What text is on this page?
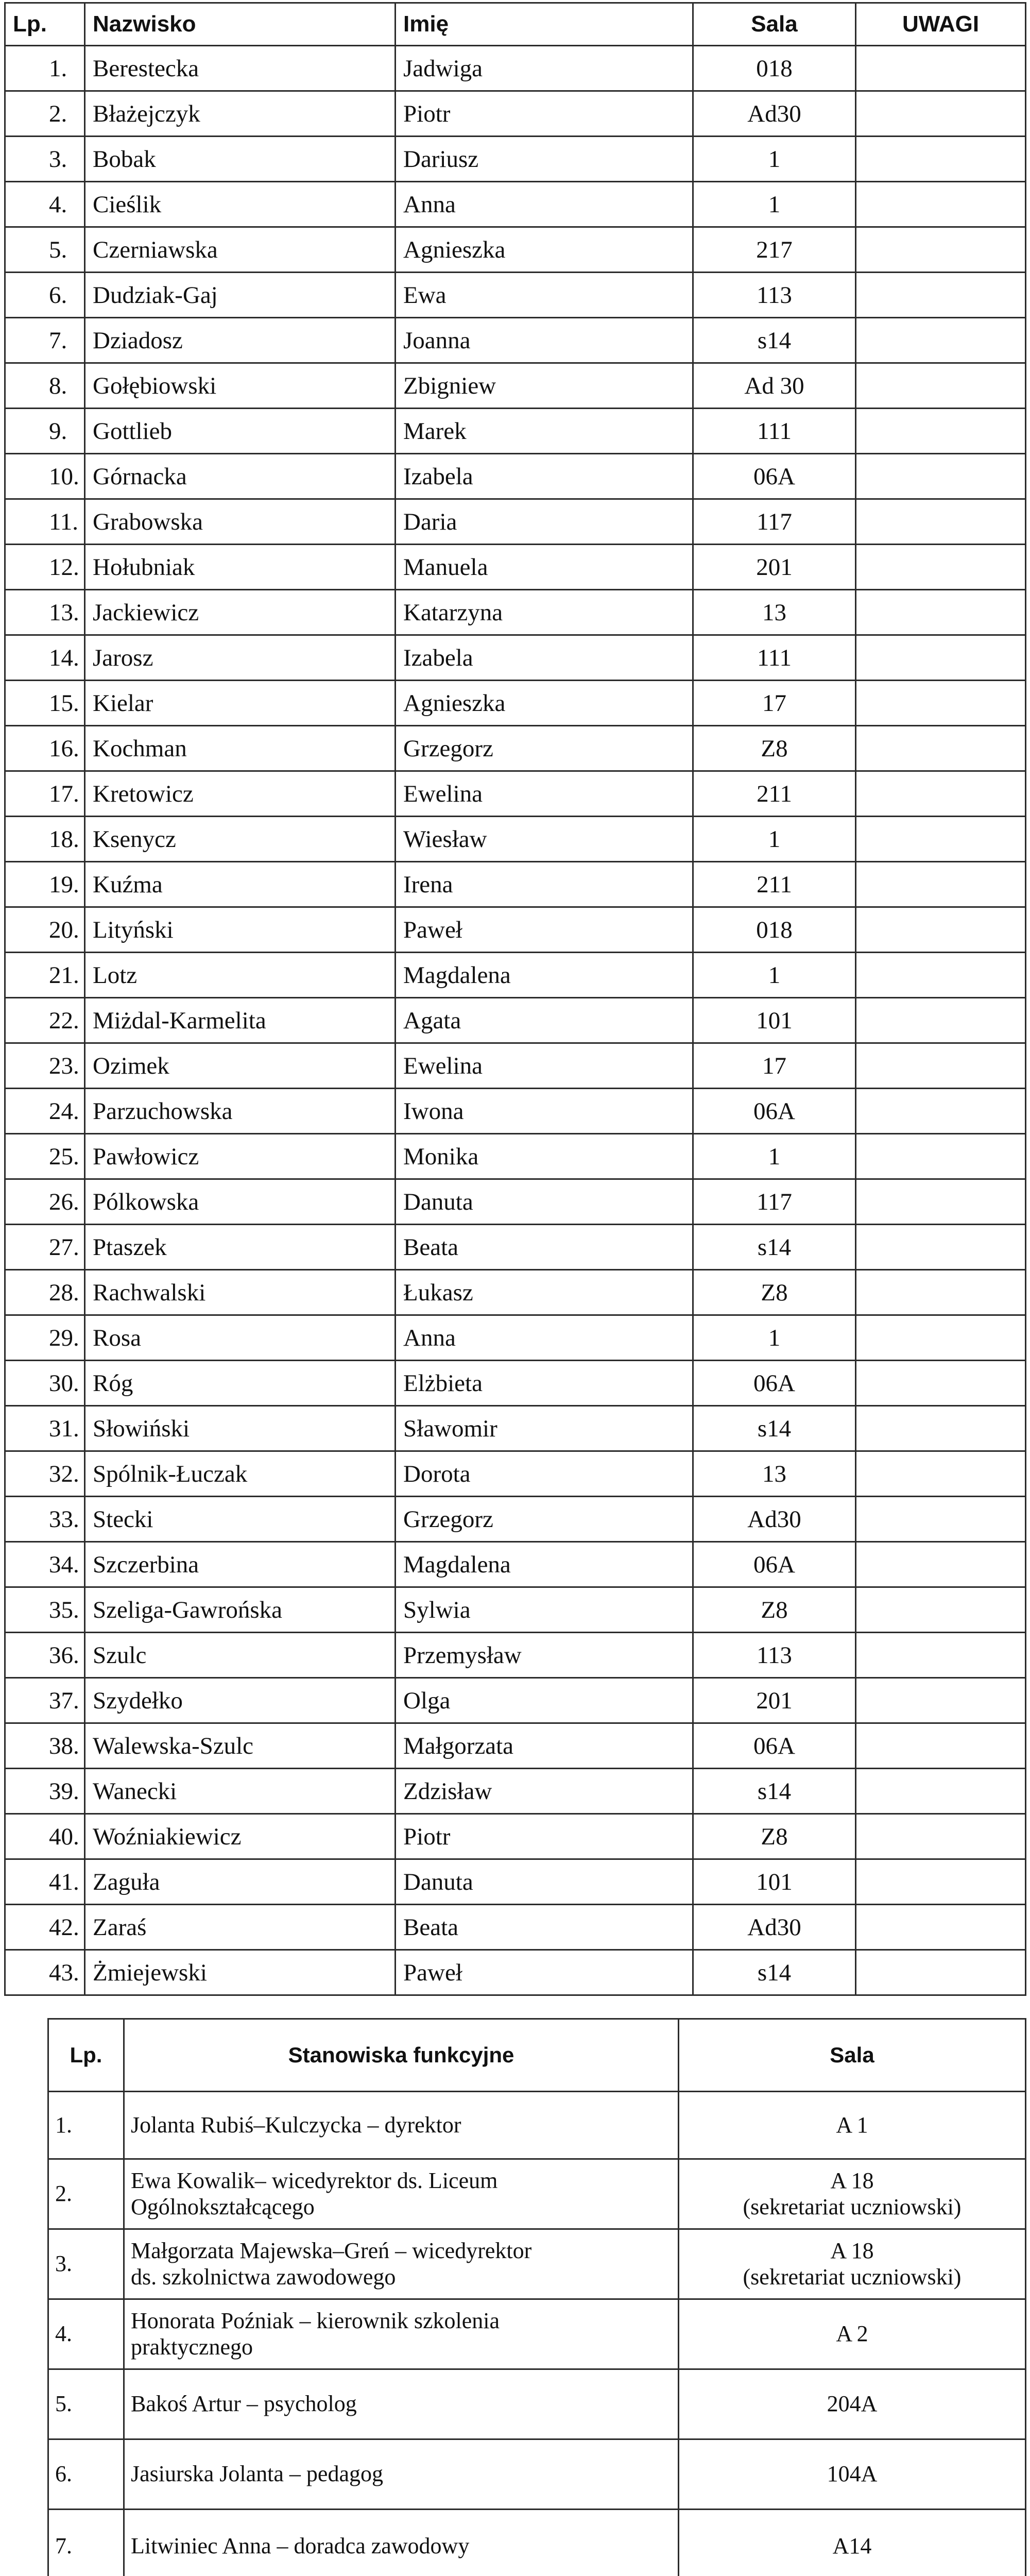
Lp.	Nazwisko	Imię	Sala	UWAGI
1.	Berestecka	Jadwiga	018	
2.	Błażejczyk	Piotr	Ad30	
3.	Bobak	Dariusz	1	
4.	Cieślik	Anna	1	
5.	Czerniawska	Agnieszka	217	
6.	Dudziak-Gaj	Ewa	113	
7.	Dziadosz	Joanna	s14	
8.	Gołębiowski	Zbigniew	Ad 30	
9.	Gottlieb	Marek	111	
10.	Górnacka	Izabela	06A	
11.	Grabowska	Daria	117	
12.	Hołubniak	Manuela	201	
13.	Jackiewicz	Katarzyna	13	
14.	Jarosz	Izabela	111	
15.	Kielar	Agnieszka	17	
16.	Kochman	Grzegorz	Z8	
17.	Kretowicz	Ewelina	211	
18.	Ksenycz	Wiesław	1	
19.	Kuźma	Irena	211	
20.	Lityński	Paweł	018	
21.	Lotz	Magdalena	1	
22.	Miżdal-Karmelita	Agata	101	
23.	Ozimek	Ewelina	17	
24.	Parzuchowska	Iwona	06A	
25.	Pawłowicz	Monika	1	
26.	Pólkowska	Danuta	117	
27.	Ptaszek	Beata	s14	
28.	Rachwalski	Łukasz	Z8	
29.	Rosa	Anna	1	
30.	Róg	Elżbieta	06A	
31.	Słowiński	Sławomir	s14	
32.	Spólnik-Łuczak	Dorota	13	
33.	Stecki	Grzegorz	Ad30	
34.	Szczerbina	Magdalena	06A	
35.	Szeliga-Gawrońska	Sylwia	Z8	
36.	Szulc	Przemysław	113	
37.	Szydełko	Olga	201	
38.	Walewska-Szulc	Małgorzata	06A	
39.	Wanecki	Zdzisław	s14	
40.	Woźniakiewicz	Piotr	Z8	
41.	Zaguła	Danuta	101	
42.	Zaraś	Beata	Ad30	
43.	Żmiejewski	Paweł	s14	
Lp.	Stanowiska funkcyjne	Sala
1.	Jolanta Rubiś–Kulczycka – dyrektor	A 1

2.	Ewa Kowalik– wicedyrektor ds. Liceum
Ogólnokształcącego	A 18
(sekretariat uczniowski)

3.	Małgorzata Majewska–Greń – wicedyrektor
ds. szkolnictwa zawodowego	A 18
(sekretariat uczniowski)

4.	Honorata Poźniak – kierownik szkolenia
praktycznego	A 2

5.	Bakoś Artur – psycholog	204A

6.	Jasiurska Jolanta – pedagog	104A

7.	Litwiniec Anna – doradca zawodowy	A14
